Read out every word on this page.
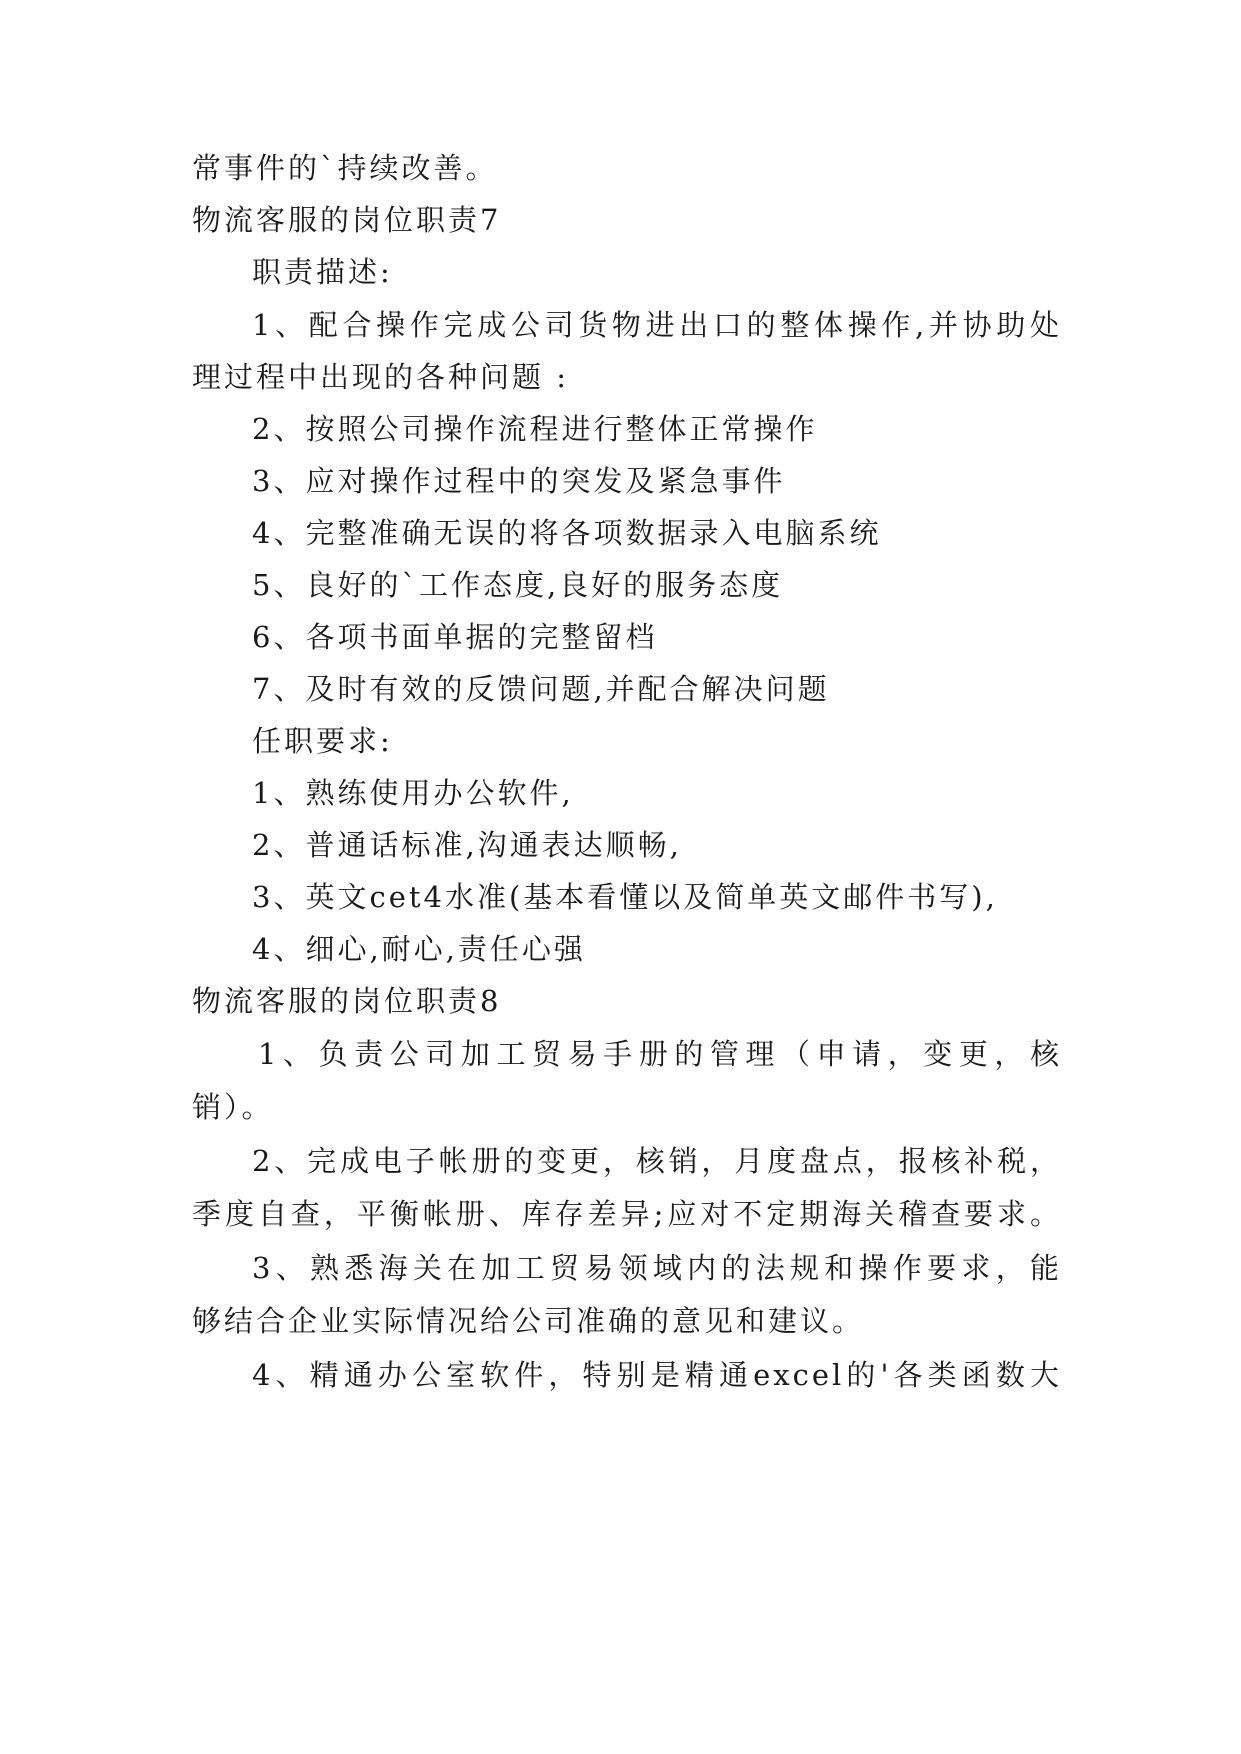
常事件的`持续改善。
物流客服的岗位职责7
职责描述:
1、配合操作完成公司货物进出口的整体操作,并协助处
理过程中出现的各种问题 :
2、按照公司操作流程进行整体正常操作
3、应对操作过程中的突发及紧急事件
4、完整准确无误的将各项数据录入电脑系统
5、良好的`工作态度,良好的服务态度
6、各项书面单据的完整留档
7、及时有效的反馈问题,并配合解决问题
任职要求:
1、熟练使用办公软件,
2、普通话标准,沟通表达顺畅,
3、英文cet4水准(基本看懂以及简单英文邮件书写),
4、细心,耐心,责任心强
物流客服的岗位职责8
1、负责公司加工贸易手册的管理（申请，变更，核
销）。
2、完成电子帐册的变更，核销，月度盘点，报核补税，
季度自查，平衡帐册、库存差异;应对不定期海关稽查要求。
3、熟悉海关在加工贸易领域内的法规和操作要求，能
够结合企业实际情况给公司准确的意见和建议。
4、精通办公室软件，特别是精通excel的'各类函数大
